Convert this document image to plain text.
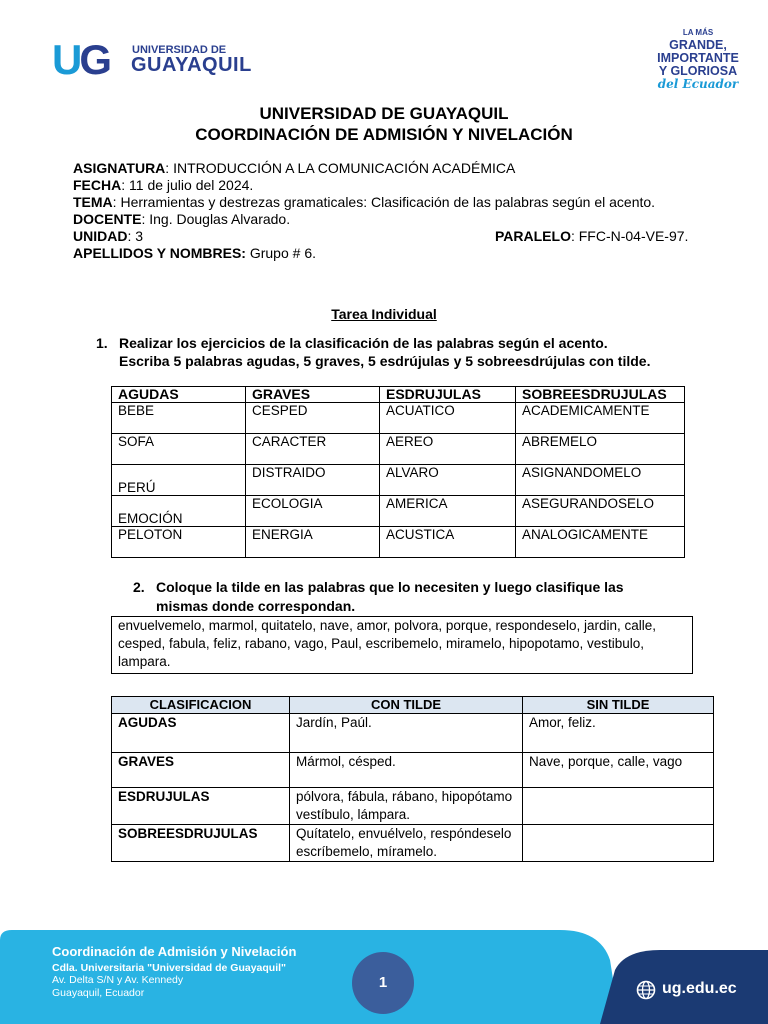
UG UNIVERSIDAD DE
GUAYAQUIL
LA MÁS
GRANDE,
IMPORTANTE
Y GLORIOSA
del Ecuador
UNIVERSIDAD DE GUAYAQUIL
COORDINACIÓN DE ADMISIÓN Y NIVELACIÓN
ASIGNATURA: INTRODUCCIÓN A LA COMUNICACIÓN ACADÉMICA
FECHA: 11 de julio del 2024.
TEMA: Herramientas y destrezas gramaticales: Clasificación de las palabras según el acento.
DOCENTE: Ing. Douglas Alvarado.
UNIDAD: 3	PARALELO: FFC-N-04-VE-97.
APELLIDOS Y NOMBRES: Grupo # 6.
Tarea Individual
1. Realizar los ejercicios de la clasificación de las palabras según el acento.
Escriba 5 palabras agudas, 5 graves, 5 esdrújulas y 5 sobreesdrújulas con tilde.
AGUDAS	GRAVES	ESDRUJULAS	SOBREESDRUJULAS
BEBE	CESPED	ACUATICO	ACADEMICAMENTE
SOFA	CARACTER	AEREO	ABREMELO
PERÚ	DISTRAIDO	ALVARO	ASIGNANDOMELO
EMOCIÓN	ECOLOGIA	AMERICA	ASEGURANDOSELO
PELOTON	ENERGIA	ACUSTICA	ANALOGICAMENTE
2. Coloque la tilde en las palabras que lo necesiten y luego clasifique las
mismas donde correspondan.
envuelvemelo, marmol, quitatelo, nave, amor, polvora, porque, respondeselo, jardin, calle,
cesped, fabula, feliz, rabano, vago, Paul, escribemelo, miramelo, hipopotamo, vestibulo,
lampara.
CLASIFICACION	CON TILDE	SIN TILDE
AGUDAS	Jardín, Paúl.	Amor, feliz.

GRAVES	Mármol, césped.	Nave, porque, calle, vago

ESDRUJULAS	pólvora, fábula, rábano, hipopótamo
vestíbulo, lámpara.	

SOBREESDRUJULAS	Quítatelo, envuélvelo, respóndeselo
escríbemelo, míramelo.	

Coordinación de Admisión y Nivelación
Cdla. Universitaria "Universidad de Guayaquil"
Av. Delta S/N y Av. Kennedy
Guayaquil, Ecuador
1	ug.edu.ec
